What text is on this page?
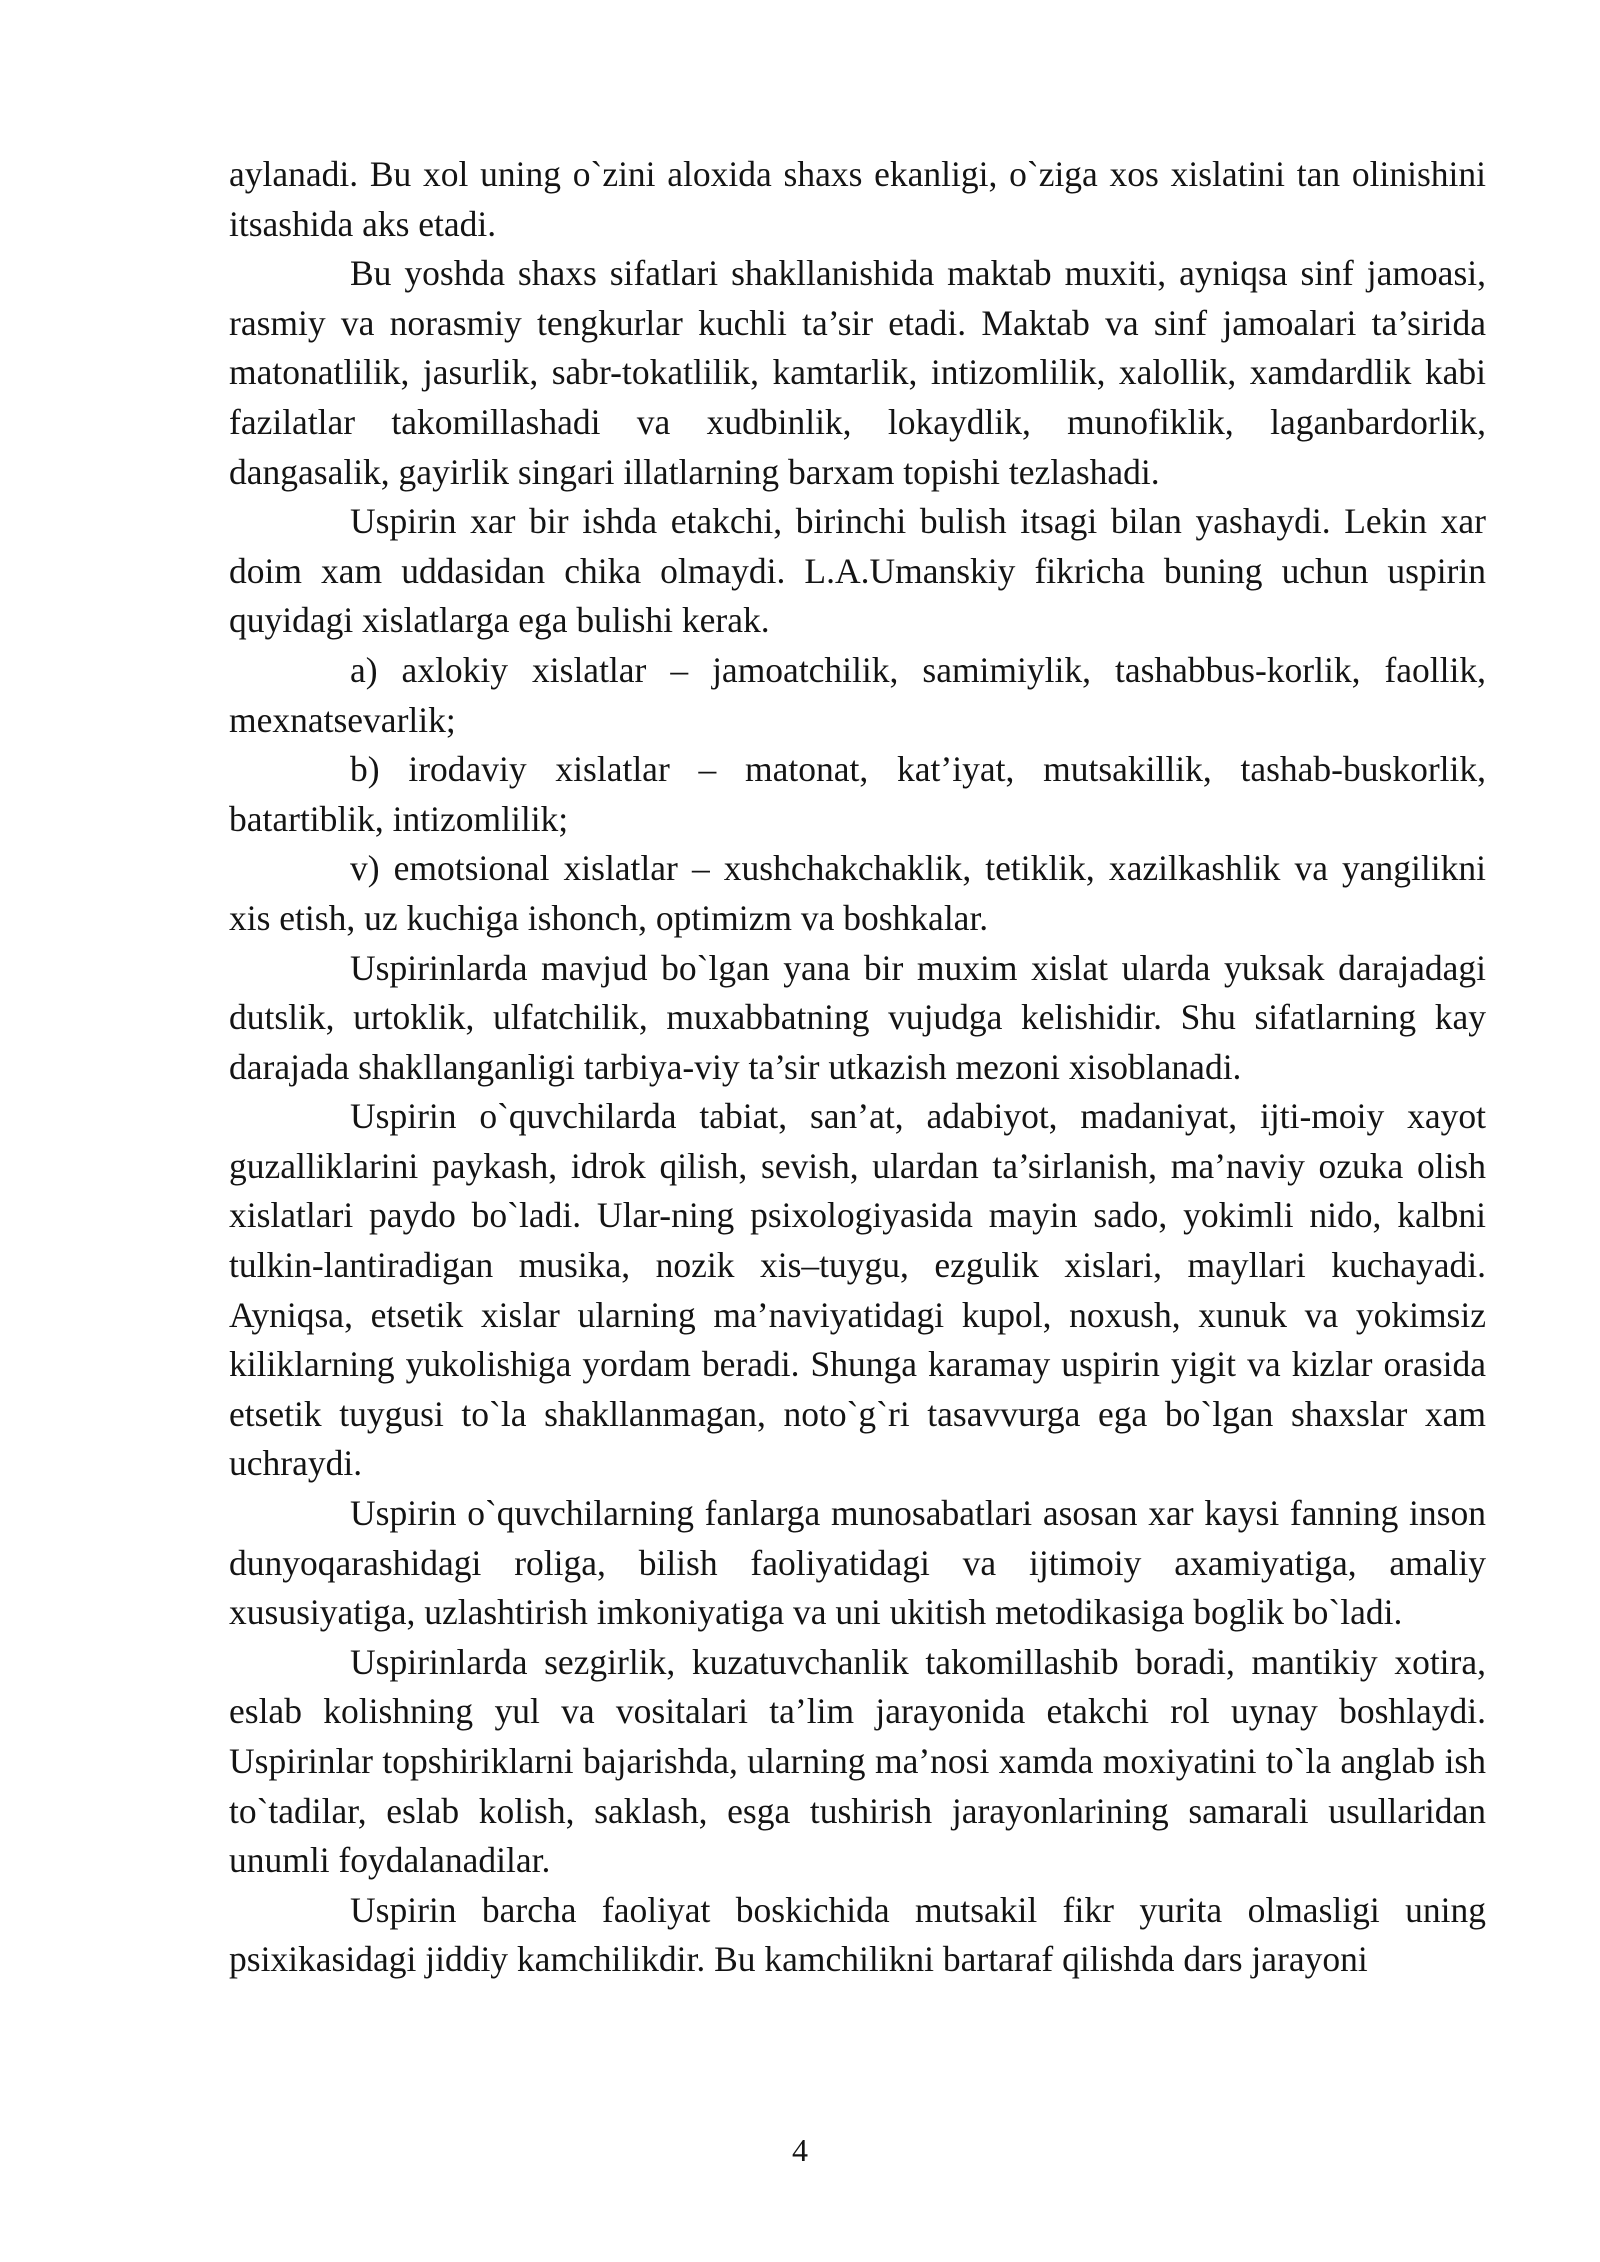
aylanadi. Bu xol uning o`zini aloxida shaxs ekanligi, o`ziga xos xislatini tan olinishini itsashida aks etadi.

Bu yoshda shaxs sifatlari shakllanishida maktab muxiti, ayniqsa sinf jamoasi, rasmiy va norasmiy tengkurlar kuchli ta’sir etadi. Maktab va sinf jamoalari ta’sirida matonatlilik, jasurlik, sabr-tokatlilik, kamtarlik, intizomlilik, xalollik, xamdardlik kabi fazilatlar takomillashadi va xudbinlik, lokaydlik, munofiklik, laganbardorlik, dangasalik, gayirlik singari illatlarning barxam topishi tezlashadi.

Uspirin xar bir ishda etakchi, birinchi bulish itsagi bilan yashaydi. Lekin xar doim xam uddasidan chika olmaydi. L.A.Umanskiy fikricha buning uchun uspirin quyidagi xislatlarga ega bulishi kerak.

a) axlokiy xislatlar – jamoatchilik, samimiylik, tashabbus-korlik, faollik, mexnatsevarlik;

b) irodaviy xislatlar – matonat, kat’iyat, mutsakillik, tashab-buskorlik, batartiblik, intizomlilik;

v) emotsional xislatlar – xushchakchaklik, tetiklik, xazilkashlik va yangilikni xis etish, uz kuchiga ishonch, optimizm va boshkalar.

Uspirinlarda mavjud bo`lgan yana bir muxim xislat ularda yuksak darajadagi dutslik, urtoklik, ulfatchilik, muxabbatning vujudga kelishidir. Shu sifatlarning kay darajada shakllanganligi tarbiya-viy ta’sir utkazish mezoni xisoblanadi.

Uspirin o`quvchilarda tabiat, san’at, adabiyot, madaniyat, ijti-moiy xayot guzalliklarini paykash, idrok qilish, sevish, ulardan ta’sirlanish, ma’naviy ozuka olish xislatlari paydo bo`ladi. Ular-ning psixologiyasida mayin sado, yokimli nido, kalbni tulkin-lantiradigan musika, nozik xis–tuygu, ezgulik xislari, mayllari kuchayadi. Ayniqsa, etsetik xislar ularning ma’naviyatidagi kupol, noxush, xunuk va yokimsiz kiliklarning yukolishiga yordam beradi. Shunga karamay uspirin yigit va kizlar orasida etsetik tuygusi to`la shakllanmagan, noto`g`ri tasavvurga ega bo`lgan shaxslar xam uchraydi.

Uspirin o`quvchilarning fanlarga munosabatlari asosan xar kaysi fanning inson dunyoqarashidagi roliga, bilish faoliyatidagi va ijtimoiy axamiyatiga, amaliy xususiyatiga, uzlashtirish imkoniyatiga va uni ukitish metodikasiga boglik bo`ladi.

Uspirinlarda sezgirlik, kuzatuvchanlik takomillashib boradi, mantikiy xotira, eslab kolishning yul va vositalari ta’lim jarayonida etakchi rol uynay boshlaydi. Uspirinlar topshiriklarni bajarishda, ularning ma’nosi xamda moxiyatini to`la anglab ish to`tadilar, eslab kolish, saklash, esga tushirish jarayonlarining samarali usullaridan unumli foydalanadilar.

Uspirin barcha faoliyat boskichida mutsakil fikr yurita olmasligi uning psixikasidagi jiddiy kamchilikdir. Bu kamchilikni bartaraf qilishda dars jarayoni

4
